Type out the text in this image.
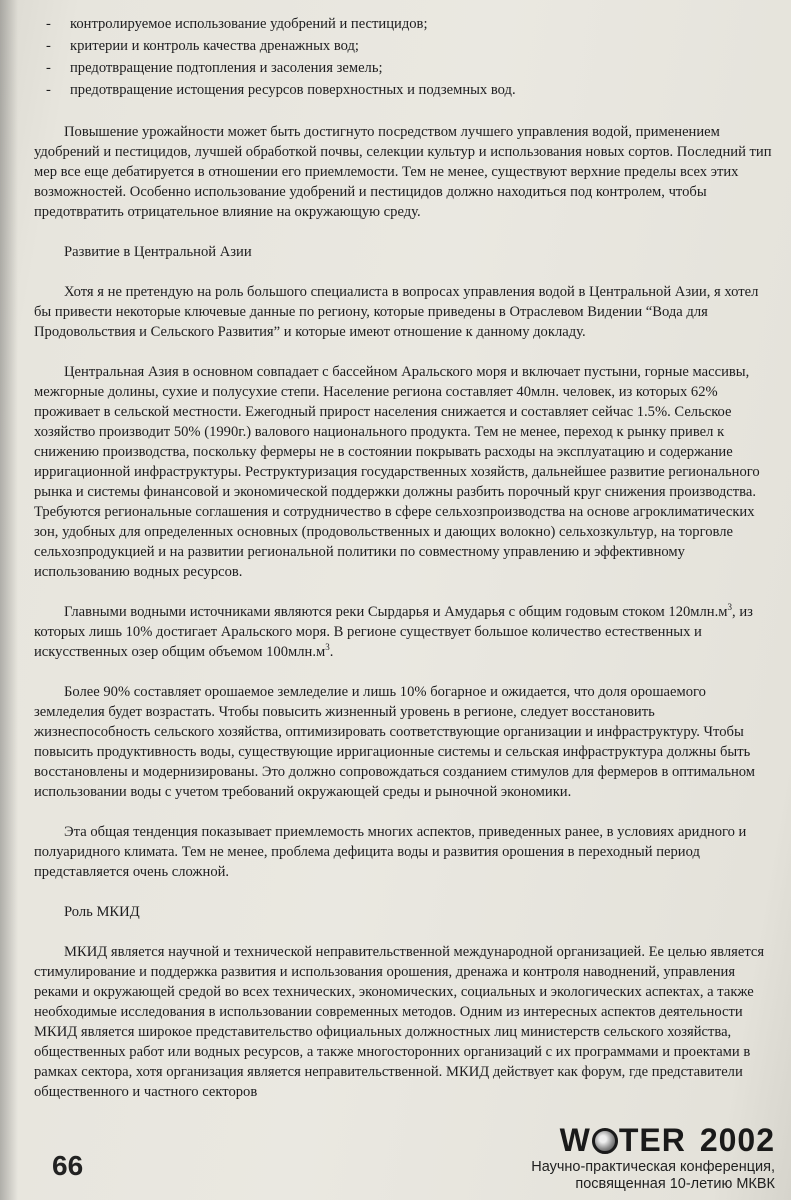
- контролируемое использование удобрений и пестицидов;
- критерии и контроль качества дренажных вод;
- предотвращение подтопления и засоления земель;
- предотвращение истощения ресурсов поверхностных и подземных вод.

Повышение урожайности может быть достигнуто посредством лучшего управления водой, применением удобрений и пестицидов, лучшей обработкой почвы, селекции культур и использования новых сортов. Последний тип мер все еще дебатируется в отношении его приемлемости. Тем не менее, существуют верхние пределы всех этих возможностей. Особенно использование удобрений и пестицидов должно находиться под контролем, чтобы предотвратить отрицательное влияние на окружающую среду.

Развитие в Центральной Азии

Хотя я не претендую на роль большого специалиста в вопросах управления водой в Центральной Азии, я хотел бы привести некоторые ключевые данные по региону, которые приведены в Отраслевом Видении “Вода для Продовольствия и Сельского Развития” и которые имеют отношение к данному докладу.

Центральная Азия в основном совпадает с бассейном Аральского моря и включает пустыни, горные массивы, межгорные долины, сухие и полусухие степи. Население региона составляет 40млн. человек, из которых 62% проживает в сельской местности. Ежегодный прирост населения снижается и составляет сейчас 1.5%. Сельское хозяйство производит 50% (1990г.) валового национального продукта. Тем не менее, переход к рынку привел к снижению производства, поскольку фермеры не в состоянии покрывать расходы на эксплуатацию и содержание ирригационной инфраструктуры. Реструктуризация государственных хозяйств, дальнейшее развитие регионального рынка и системы финансовой и экономической поддержки должны разбить порочный круг снижения производства. Требуются региональные соглашения и сотрудничество в сфере сельхозпроизводства на основе агроклиматических зон, удобных для определенных основных (продовольственных и дающих волокно) сельхозкультур, на торговле сельхозпродукцией и на развитии региональной политики по совместному управлению и эффективному использованию водных ресурсов.

Главными водными источниками являются реки Сырдарья и Амударья с общим годовым стоком $120млн.м^3$, из которых лишь 10% достигает Аральского моря. В регионе существует большое количество естественных и искусственных озер общим объемом $100млн.м^3$.

Более 90% составляет орошаемое земледелие и лишь 10% богарное и ожидается, что доля орошаемого земледелия будет возрастать. Чтобы повысить жизненный уровень в регионе, следует восстановить жизнеспособность сельского хозяйства, оптимизировать соответствующие организации и инфраструктуру. Чтобы повысить продуктивность воды, существующие ирригационные системы и сельская инфраструктура должны быть восстановлены и модернизированы. Это должно сопровождаться созданием стимулов для фермеров в оптимальном использовании воды с учетом требований окружающей среды и рыночной экономики.

Эта общая тенденция показывает приемлемость многих аспектов, приведенных ранее, в условиях аридного и полуаридного климата. Тем не менее, проблема дефицита воды и развития орошения в переходный период представляется очень сложной.

Роль МКИД

МКИД является научной и технической неправительственной международной организацией. Ее целью является стимулирование и поддержка развития и использования орошения, дренажа и контроля наводнений, управления реками и окружающей средой во всех технических, экономических, социальных и экологических аспектах, а также необходимые исследования в использовании современных методов. Одним из интересных аспектов деятельности МКИД является широкое представительство официальных должностных лиц министерств сельского хозяйства, общественных работ или водных ресурсов, а также многосторонних организаций с их программами и проектами в рамках сектора, хотя организация является неправительственной. МКИД действует как форум, где представители общественного и частного секторов

66
W TER 2002
Научно-практическая конференция,
посвященная 10-летию МКВК
